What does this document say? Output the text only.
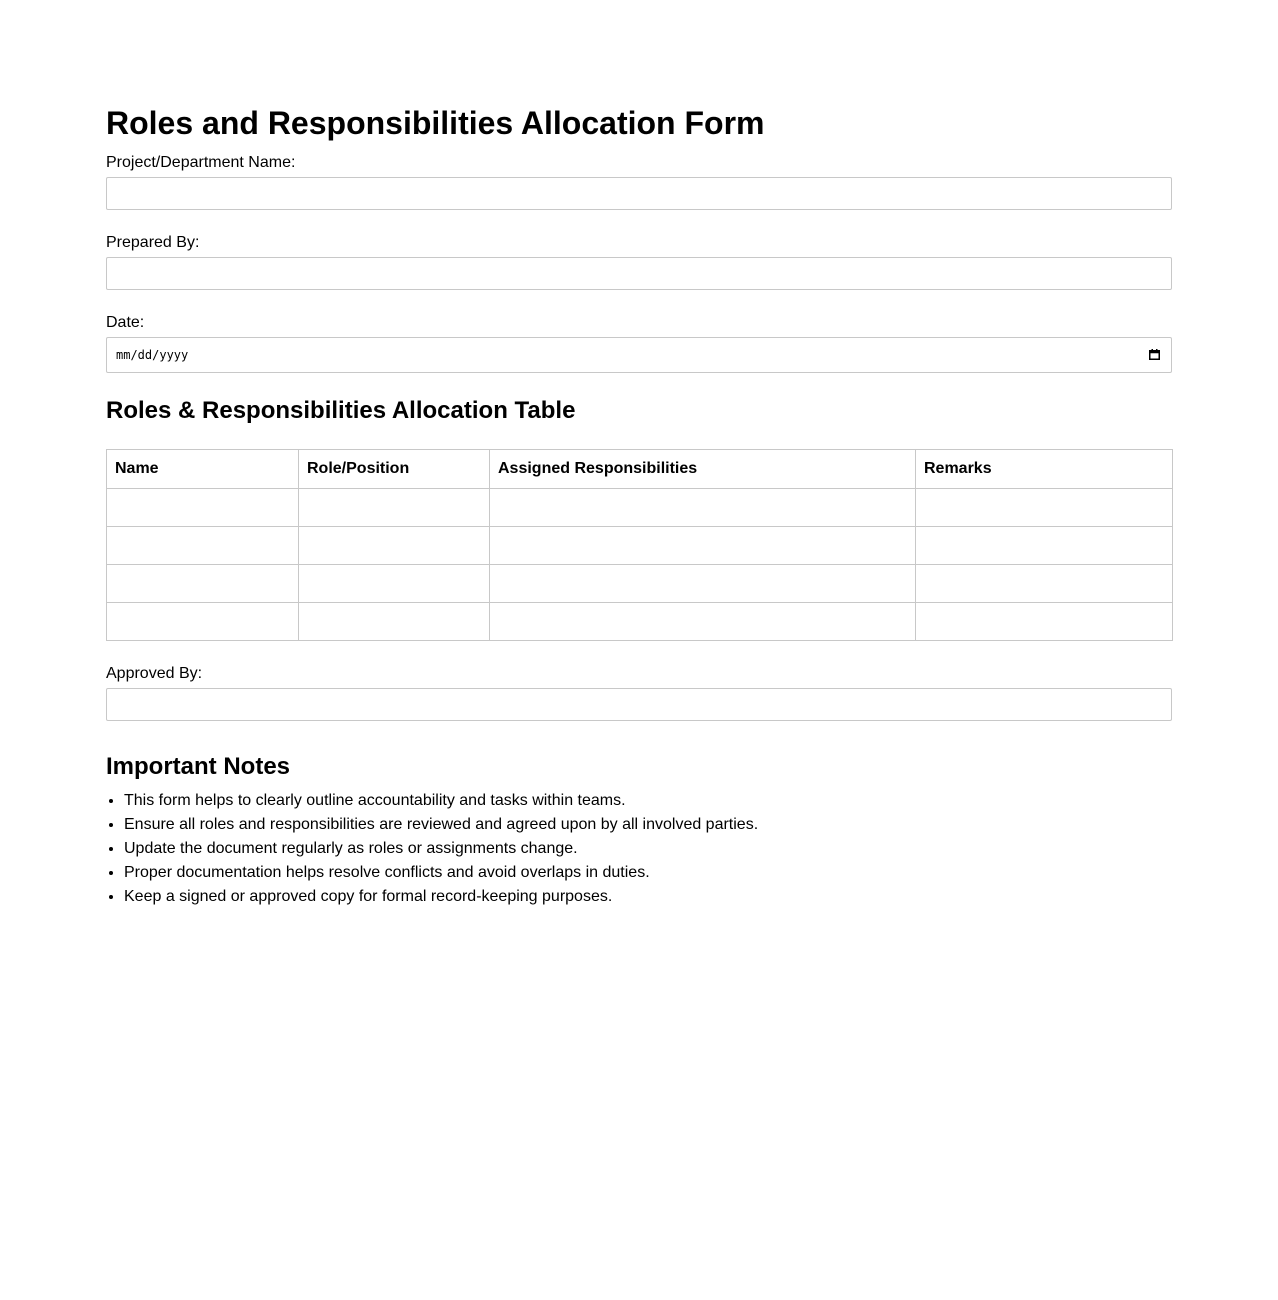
Roles and Responsibilities Allocation Form
Project/Department Name:
Prepared By:
Date:
mm/dd/yyyy
Roles & Responsibilities Allocation Table
Name	Role/Position	Assigned Responsibilities	Remarks

Approved By:
Important Notes
• This form helps to clearly outline accountability and tasks within teams.
• Ensure all roles and responsibilities are reviewed and agreed upon by all involved parties.
• Update the document regularly as roles or assignments change.
• Proper documentation helps resolve conflicts and avoid overlaps in duties.
• Keep a signed or approved copy for formal record-keeping purposes.
